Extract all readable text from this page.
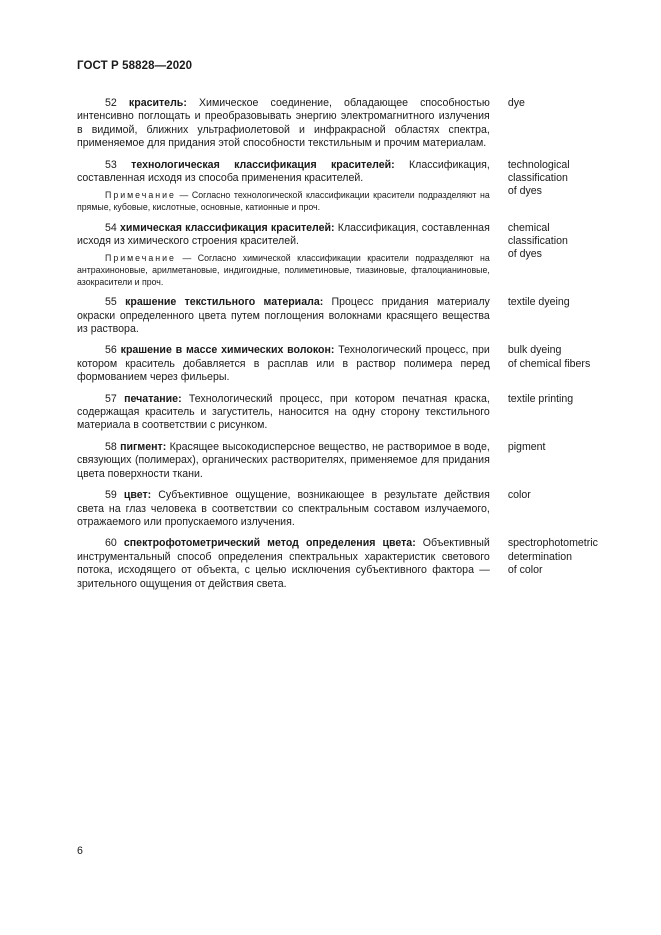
ГОСТ Р 58828—2020

52 краситель: Химическое соединение, обладающее способностью интенсивно поглощать и преобразовывать энергию электромагнитного излучения в видимой, ближних ультрафиолетовой и инфракрасной областях спектра, применяемое для придания этой способности текстильным и прочим материалам.

dye

53 технологическая классификация красителей: Классификация, составленная исходя из способа применения красителей.

Примечание — Согласно технологической классификации красители подразделяют на прямые, кубовые, кислотные, основные, катионные и проч.

technological
classification
of dyes

54 химическая классификация красителей: Классификация, составленная исходя из химического строения красителей.

Примечание — Согласно химической классификации красители подразделяют на антрахиноновые, арилметановые, индигоидные, полиметиновые, тиазиновые, фталоцианиновые, азокрасители и проч.

chemical
classification
of dyes

55 крашение текстильного материала: Процесс придания материалу окраски определенного цвета путем поглощения волокнами красящего вещества из раствора.

textile dyeing

56 крашение в массе химических волокон: Технологический процесс, при котором краситель добавляется в расплав или в раствор полимера перед формованием через фильеры.

bulk dyeing
of chemical fibers

57 печатание: Технологический процесс, при котором печатная краска, содержащая краситель и загуститель, наносится на одну сторону текстильного материала в соответствии с рисунком.

textile printing

58 пигмент: Красящее высокодисперсное вещество, не растворимое в воде, связующих (полимерах), органических растворителях, применяемое для придания цвета поверхности ткани.

pigment

59 цвет: Субъективное ощущение, возникающее в результате действия света на глаз человека в соответствии со спектральным составом излучаемого, отражаемого или пропускаемого излучения.

color

60 спектрофотометрический метод определения цвета: Объективный инструментальный способ определения спектральных характеристик светового потока, исходящего от объекта, с целью исключения субъективного фактора — зрительного ощущения от действия света.

spectrophotometric
determination
of color
6
